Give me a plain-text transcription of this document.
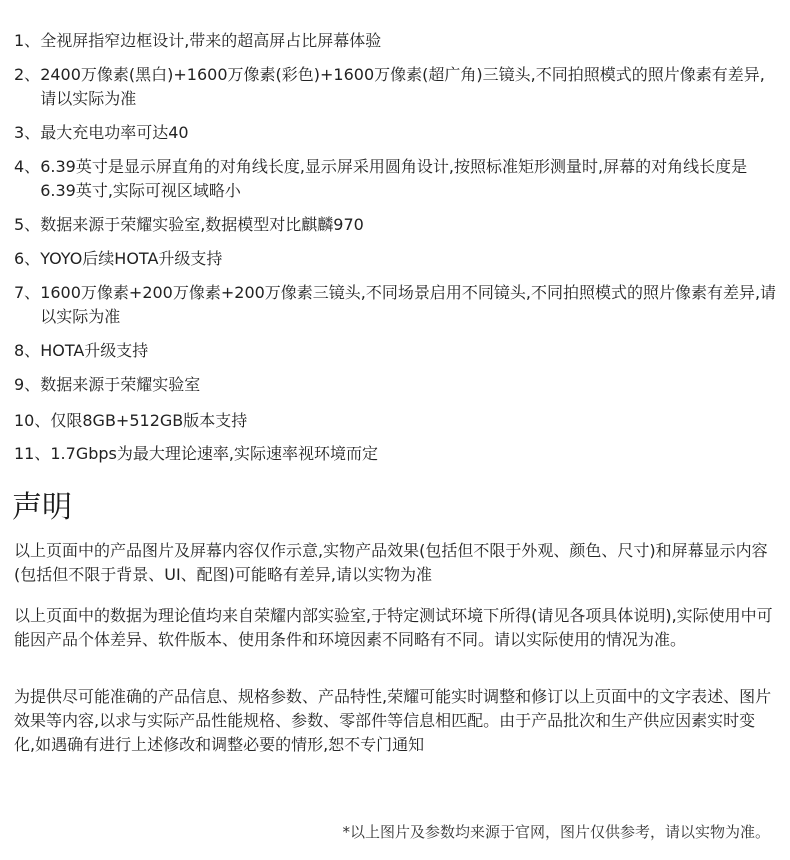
1、 全视屏指窄边框设计,带来的超高屏占比屏幕体验
2、 2400万像素(黑白)+1600万像素(彩色)+1600万像素(超广角)三镜头,不同拍照模式的照片像素有差异,请以实际为准
3、 最大充电功率可达40
4、 6.39英寸是显示屏直角的对角线长度,显示屏采用圆角设计,按照标准矩形测量时,屏幕的对角线长度是6.39英寸,实际可视区域略小
5、 数据来源于荣耀实验室,数据模型对比麒麟970
6、 YOYO后续HOTA升级支持
7、 1600万像素+200万像素+200万像素三镜头,不同场景启用不同镜头,不同拍照模式的照片像素有差异,请以实际为准
8、 HOTA升级支持
9、 数据来源于荣耀实验室
10、 仅限8GB+512GB版本支持
11、 1.7Gbps为最大理论速率,实际速率视环境而定
声明

以上页面中的产品图片及屏幕内容仅作示意,实物产品效果(包括但不限于外观、颜色、尺寸)和屏幕显示内容(包括但不限于背景、UI、配图)可能略有差异,请以实物为准

以上页面中的数据为理论值均来自荣耀内部实验室,于特定测试环境下所得(请见各项具体说明),实际使用中可能因产品个体差异、软件版本、使用条件和环境因素不同略有不同。请以实际使用的情况为准。

为提供尽可能准确的产品信息、规格参数、产品特性,荣耀可能实时调整和修订以上页面中的文字表述、图片效果等内容,以求与实际产品性能规格、参数、零部件等信息相匹配。由于产品批次和生产供应因素实时变化,如遇确有进行上述修改和调整必要的情形,恕不专门通知

*以上图片及参数均来源于官网，图片仅供参考，请以实物为准。
